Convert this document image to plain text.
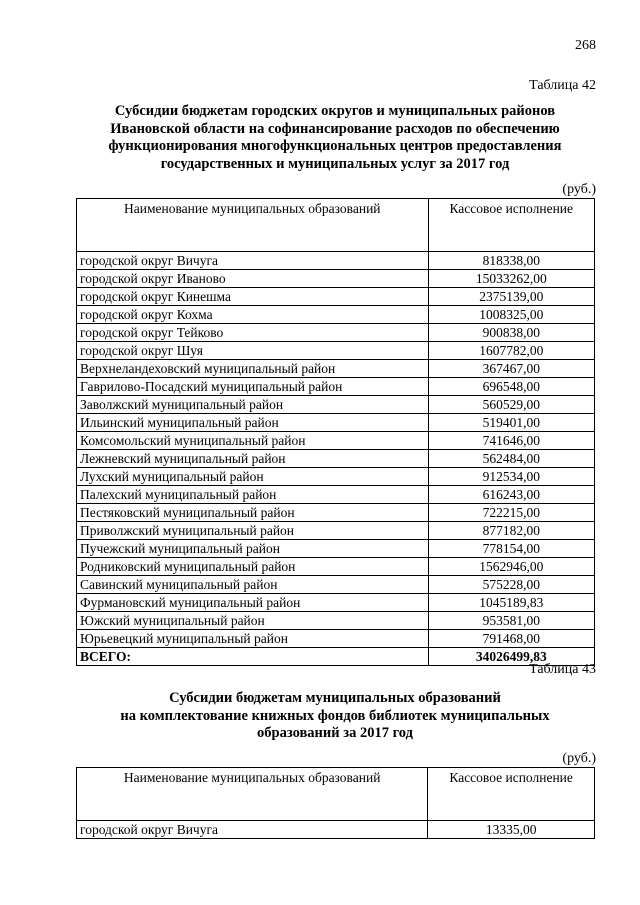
268
Таблица 42
Субсидии бюджетам городских округов и муниципальных районов
Ивановской области на софинансирование расходов по обеспечению
функционирования многофункциональных центров предоставления
государственных и муниципальных услуг за 2017 год
(руб.)
Наименование муниципальных образований	Кассовое исполнение
городской округ Вичуга	818338,00
городской округ Иваново	15033262,00
городской округ Кинешма	2375139,00
городской округ Кохма	1008325,00
городской округ Тейково	900838,00
городской округ Шуя	1607782,00
Верхнеландеховский муниципальный район	367467,00
Гаврилово-Посадский муниципальный район	696548,00
Заволжский муниципальный район	560529,00
Ильинский муниципальный район	519401,00
Комсомольский муниципальный район	741646,00
Лежневский муниципальный район	562484,00
Лухский муниципальный район	912534,00
Палехский муниципальный район	616243,00
Пестяковский муниципальный район	722215,00
Приволжский муниципальный район	877182,00
Пучежский муниципальный район	778154,00
Родниковский муниципальный район	1562946,00
Савинский муниципальный район	575228,00
Фурмановский муниципальный район	1045189,83
Южский муниципальный район	953581,00
Юрьевецкий муниципальный район	791468,00
ВСЕГО:	34026499,83
Таблица 43
Субсидии бюджетам муниципальных образований
на комплектование книжных фондов библиотек муниципальных
образований за 2017 год
(руб.)
Наименование муниципальных образований	Кассовое исполнение
городской округ Вичуга	13335,00
